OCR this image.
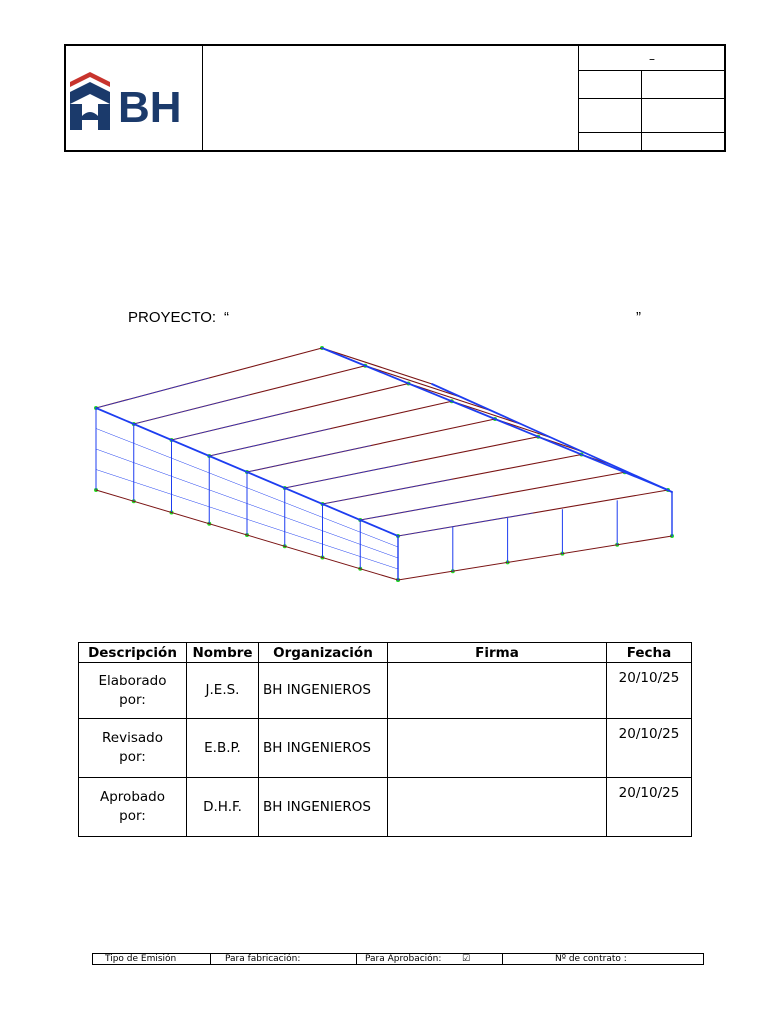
BH
–
PROYECTO: “	”
Descripción	Nombre	Organización	Firma	Fecha
Elaborado
por:	J.E.S.	BH INGENIEROS		20/10/25
Revisado
por:	E.B.P.	BH INGENIEROS		20/10/25
Aprobado
por:	D.H.F.	BH INGENIEROS		20/10/25
Tipo de Emisión	Para fabricación:	Para Aprobación: ☑	Nº de contrato :
